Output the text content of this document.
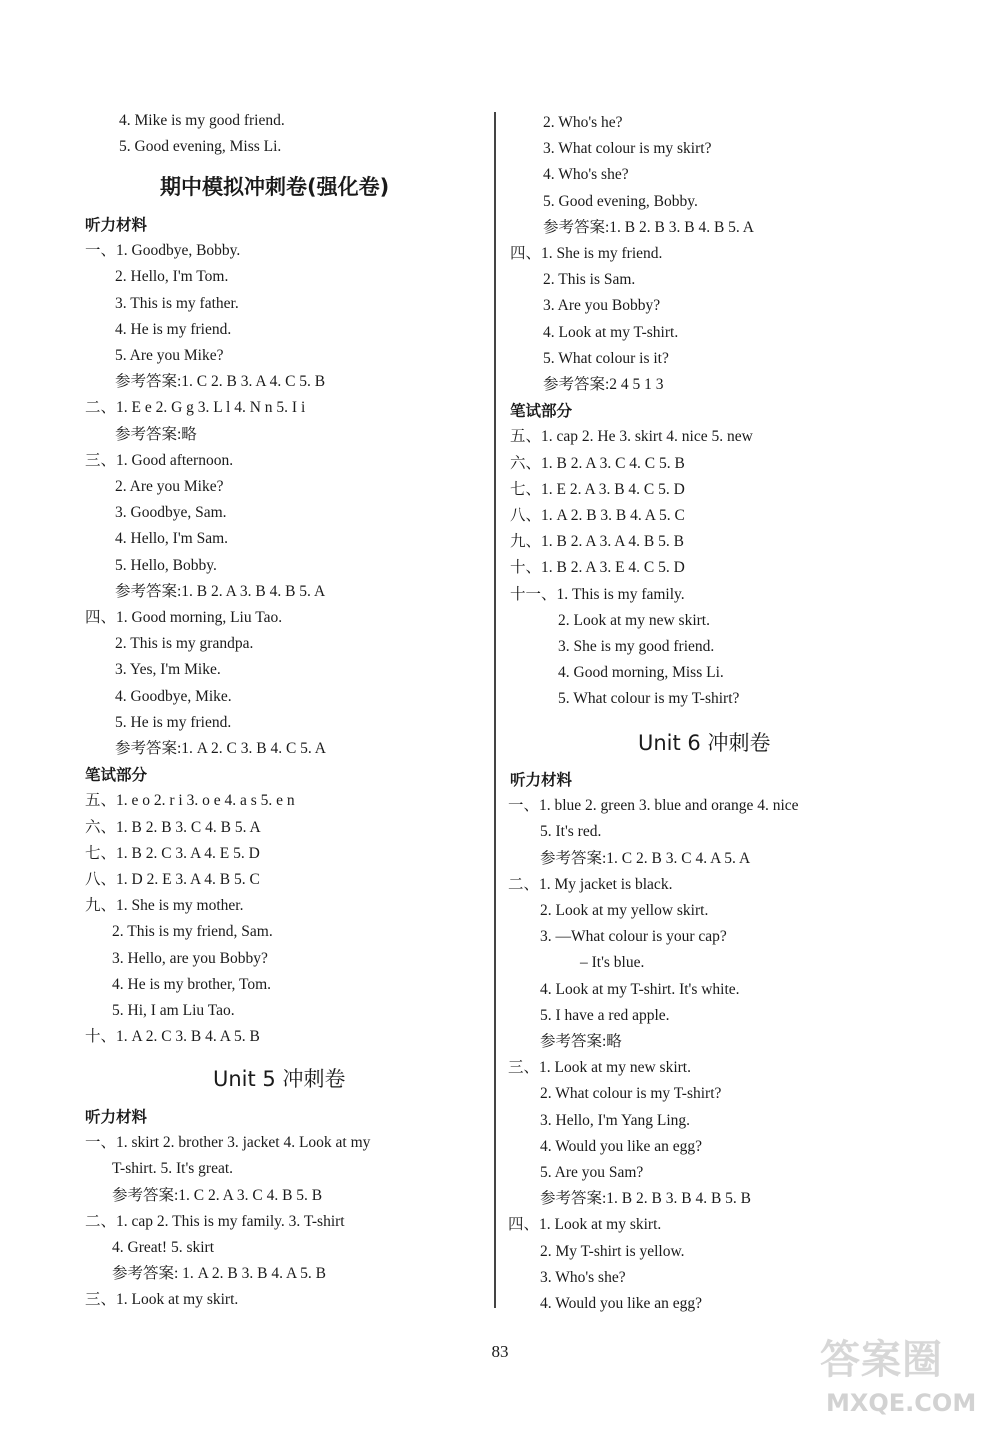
4. Mike is my good friend.
5. Good evening, Miss Li.
期中模拟冲刺卷(强化卷)
听力材料
一、1. Goodbye, Bobby.
2. Hello, I'm Tom.
3. This is my father.
4. He is my friend.
5. Are you Mike?
参考答案:1. C 2. B 3. A 4. C 5. B
二、1. E e 2. G g 3. L l 4. N n 5. I i
参考答案:略
三、1. Good afternoon.
2. Are you Mike?
3. Goodbye, Sam.
4. Hello, I'm Sam.
5. Hello, Bobby.
参考答案:1. B 2. A 3. B 4. B 5. A
四、1. Good morning, Liu Tao.
2. This is my grandpa.
3. Yes, I'm Mike.
4. Goodbye, Mike.
5. He is my friend.
参考答案:1. A 2. C 3. B 4. C 5. A
笔试部分
五、1. e o 2. r i 3. o e 4. a s 5. e n
六、1. B 2. B 3. C 4. B 5. A
七、1. B 2. C 3. A 4. E 5. D
八、1. D 2. E 3. A 4. B 5. C
九、1. She is my mother.
2. This is my friend, Sam.
3. Hello, are you Bobby?
4. He is my brother, Tom.
5. Hi, I am Liu Tao.
十、1. A 2. C 3. B 4. A 5. B
Unit 5 冲刺卷
听力材料
一、1. skirt 2. brother 3. jacket 4. Look at my
T-shirt. 5. It's great.
参考答案:1. C 2. A 3. C 4. B 5. B
二、1. cap 2. This is my family. 3. T-shirt
4. Great! 5. skirt
参考答案: 1. A 2. B 3. B 4. A 5. B
三、1. Look at my skirt.
2. Who's he?
3. What colour is my skirt?
4. Who's she?
5. Good evening, Bobby.
参考答案:1. B 2. B 3. B 4. B 5. A
四、1. She is my friend.
2. This is Sam.
3. Are you Bobby?
4. Look at my T-shirt.
5. What colour is it?
参考答案:2 4 5 1 3
笔试部分
五、1. cap 2. He 3. skirt 4. nice 5. new
六、1. B 2. A 3. C 4. C 5. B
七、1. E 2. A 3. B 4. C 5. D
八、1. A 2. B 3. B 4. A 5. C
九、1. B 2. A 3. A 4. B 5. B
十、1. B 2. A 3. E 4. C 5. D
十一、1. This is my family.
2. Look at my new skirt.
3. She is my good friend.
4. Good morning, Miss Li.
5. What colour is my T-shirt?
Unit 6 冲刺卷
听力材料
一、1. blue 2. green 3. blue and orange 4. nice
5. It's red.
参考答案:1. C 2. B 3. C 4. A 5. A
二、1. My jacket is black.
2. Look at my yellow skirt.
3. —What colour is your cap?
– It's blue.
4. Look at my T-shirt. It's white.
5. I have a red apple.
参考答案:略
三、1. Look at my new skirt.
2. What colour is my T-shirt?
3. Hello, I'm Yang Ling.
4. Would you like an egg?
5. Are you Sam?
参考答案:1. B 2. B 3. B 4. B 5. B
四、1. Look at my skirt.
2. My T-shirt is yellow.
3. Who's she?
4. Would you like an egg?
83	答案圈
MXQE.COM
